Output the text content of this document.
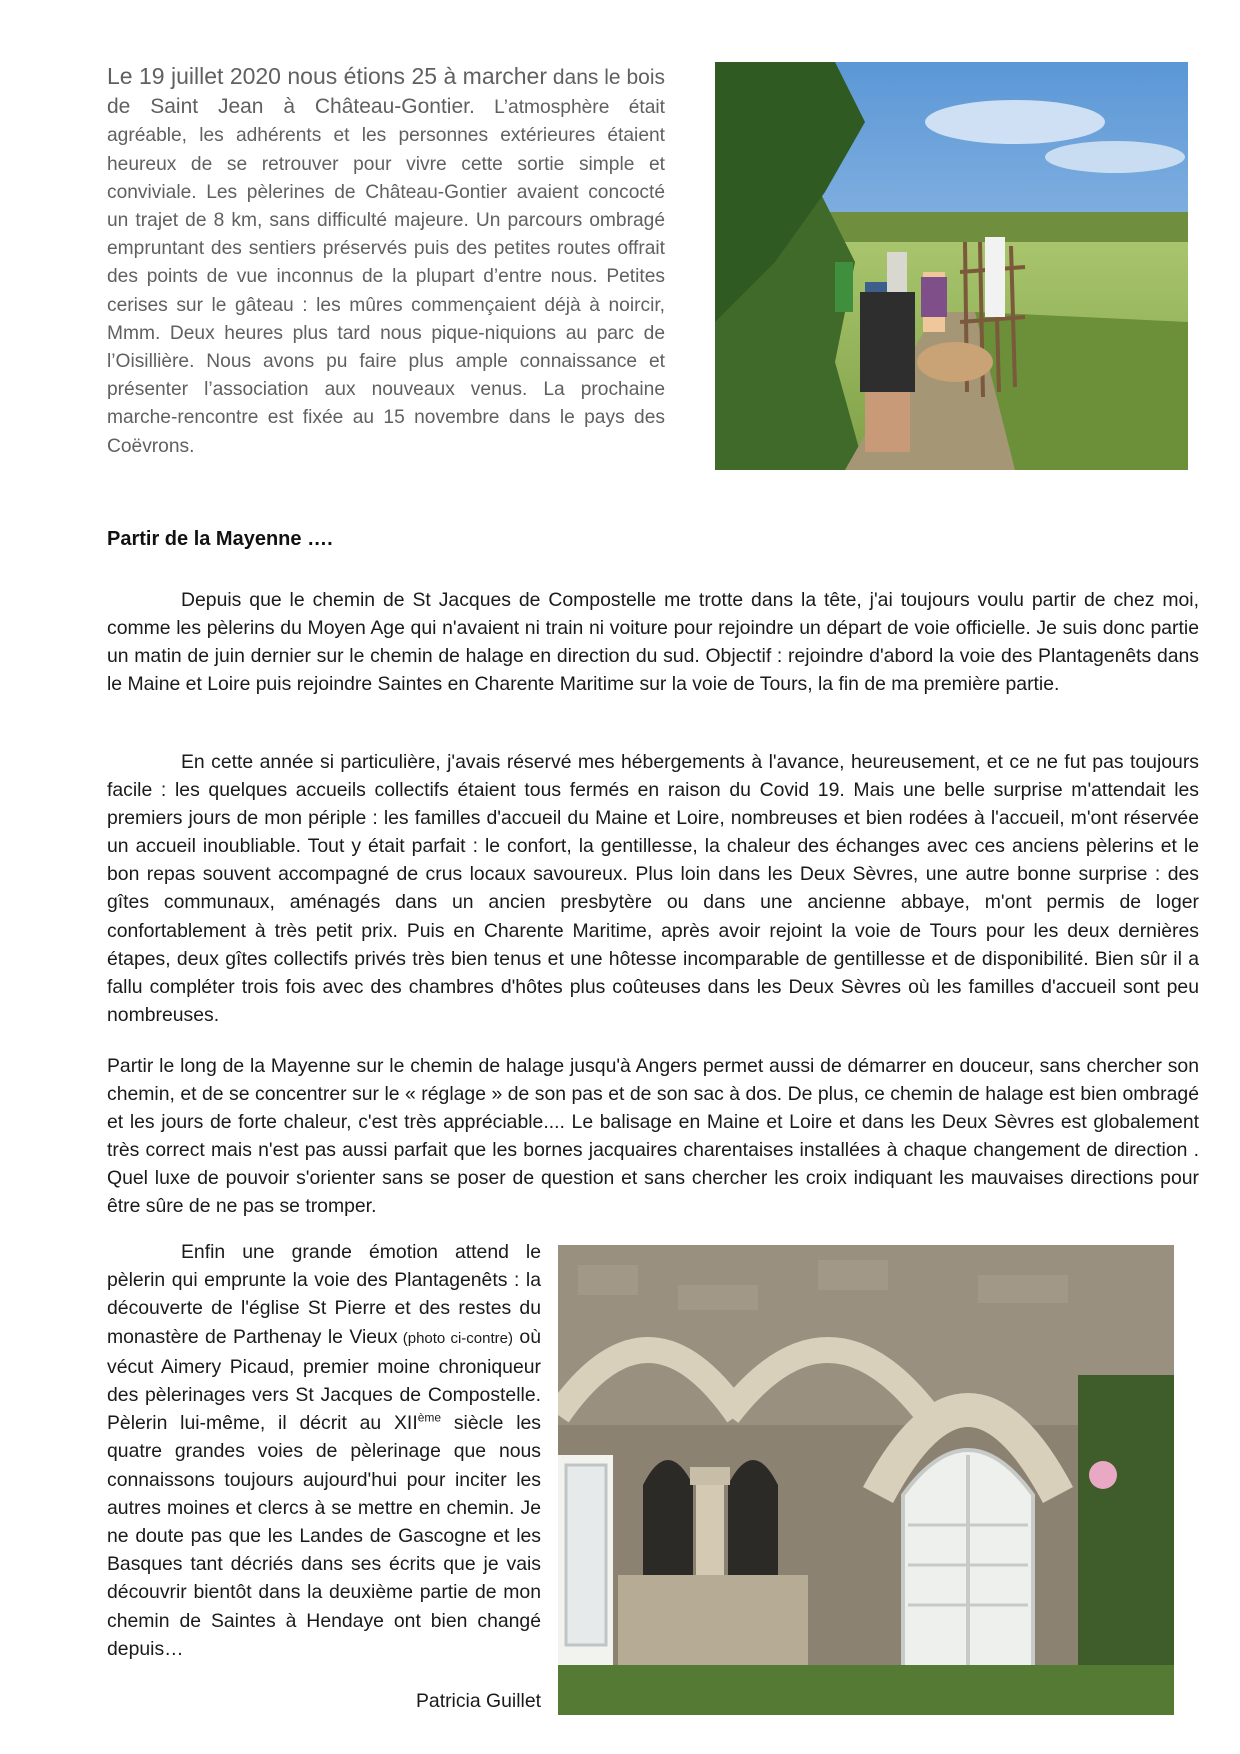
Le 19 juillet 2020 nous étions 25 à marcher dans le bois de Saint Jean à Château-Gontier. L’atmosphère était agréable, les adhérents et les personnes extérieures étaient heureux de se retrouver pour vivre cette sortie simple et conviviale. Les pèlerines de Château-Gontier avaient concocté un trajet de 8 km, sans difficulté majeure. Un parcours ombragé empruntant des sentiers préservés puis des petites routes offrait des points de vue inconnus de la plupart d’entre nous. Petites cerises sur le gâteau : les mûres commençaient déjà à noircir, Mmm. Deux heures plus tard nous pique-niquions au parc de l’Oisillière. Nous avons pu faire plus ample connaissance et présenter l’association aux nouveaux venus. La prochaine marche-rencontre est fixée au 15 novembre dans le pays des Coëvrons.

Partir de la Mayenne ….

Depuis que le chemin de St Jacques de Compostelle me trotte dans la tête, j'ai toujours voulu partir de chez moi, comme les pèlerins du Moyen Age qui n'avaient ni train ni voiture pour rejoindre un départ de voie officielle. Je suis donc partie un matin de juin dernier sur le chemin de halage en direction du sud. Objectif : rejoindre d'abord la voie des Plantagenêts dans le Maine et Loire puis rejoindre Saintes en Charente Maritime sur la voie de Tours, la fin de ma première partie.

En cette année si particulière, j'avais réservé mes hébergements à l'avance, heureusement, et ce ne fut pas toujours facile : les quelques accueils collectifs étaient tous fermés en raison du Covid 19. Mais une belle surprise m'attendait les premiers jours de mon périple : les familles d'accueil du Maine et Loire, nombreuses et bien rodées à l'accueil, m'ont réservée un accueil inoubliable. Tout y était parfait : le confort, la gentillesse, la chaleur des échanges avec ces anciens pèlerins et le bon repas souvent accompagné de crus locaux savoureux. Plus loin dans les Deux Sèvres, une autre bonne surprise : des gîtes communaux, aménagés dans un ancien presbytère ou dans une ancienne abbaye, m'ont permis de loger confortablement à très petit prix. Puis en Charente Maritime, après avoir rejoint la voie de Tours pour les deux dernières étapes, deux gîtes collectifs privés très bien tenus et une hôtesse incomparable de gentillesse et de disponibilité. Bien sûr il a fallu compléter trois fois avec des chambres d'hôtes plus coûteuses dans les Deux Sèvres où les familles d'accueil sont peu nombreuses.

Partir le long de la Mayenne sur le chemin de halage jusqu'à Angers permet aussi de démarrer en douceur, sans chercher son chemin, et de se concentrer sur le « réglage » de son pas et de son sac à dos. De plus, ce chemin de halage est bien ombragé et les jours de forte chaleur, c'est très appréciable.... Le balisage en Maine et Loire et dans les Deux Sèvres est globalement très correct mais n'est pas aussi parfait que les bornes jacquaires charentaises installées à chaque changement de direction . Quel luxe de pouvoir s'orienter sans se poser de question et sans chercher les croix indiquant les mauvaises directions pour être sûre de ne pas se tromper.

Enfin une grande émotion attend le pèlerin qui emprunte la voie des Plantagenêts : la découverte de l'église St Pierre et des restes du monastère de Parthenay le Vieux (photo ci-contre) où vécut Aimery Picaud, premier moine chroniqueur des pèlerinages vers St Jacques de Compostelle. Pèlerin lui-même, il décrit au XIIème siècle les quatre grandes voies de pèlerinage que nous connaissons toujours aujourd'hui pour inciter les autres moines et clercs à se mettre en chemin. Je ne doute pas que les Landes de Gascogne et les Basques tant décriés dans ses écrits que je vais découvrir bientôt dans la deuxième partie de mon chemin de Saintes à Hendaye ont bien changé depuis…

Patricia Guillet
